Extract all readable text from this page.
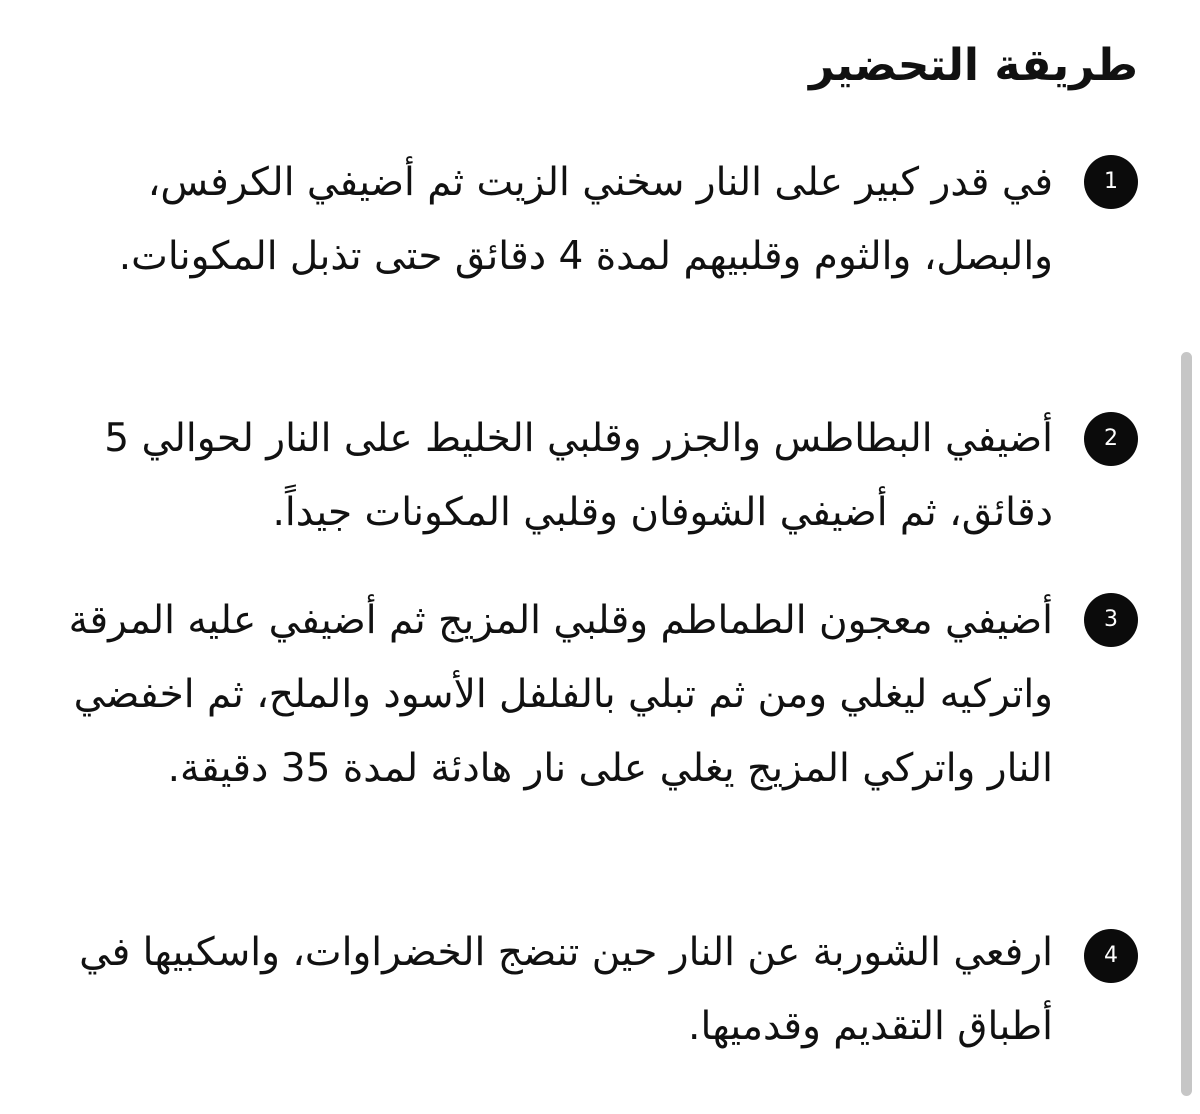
طريقة التحضير
1

في قدر كبير على النار سخني الزيت ثم أضيفي الكرفس، والبصل، والثوم وقلبيهم لمدة 4 دقائق حتى تذبل المكونات.

2

أضيفي البطاطس والجزر وقلبي الخليط على النار لحوالي 5 دقائق، ثم أضيفي الشوفان وقلبي المكونات جيداً.

3

أضيفي معجون الطماطم وقلبي المزيج ثم أضيفي عليه المرقة واتركيه ليغلي ومن ثم تبلي بالفلفل الأسود والملح، ثم اخفضي النار واتركي المزيج يغلي على نار هادئة لمدة 35 دقيقة.

4

ارفعي الشوربة عن النار حين تنضج الخضراوات، واسكبيها في أطباق التقديم وقدميها.
